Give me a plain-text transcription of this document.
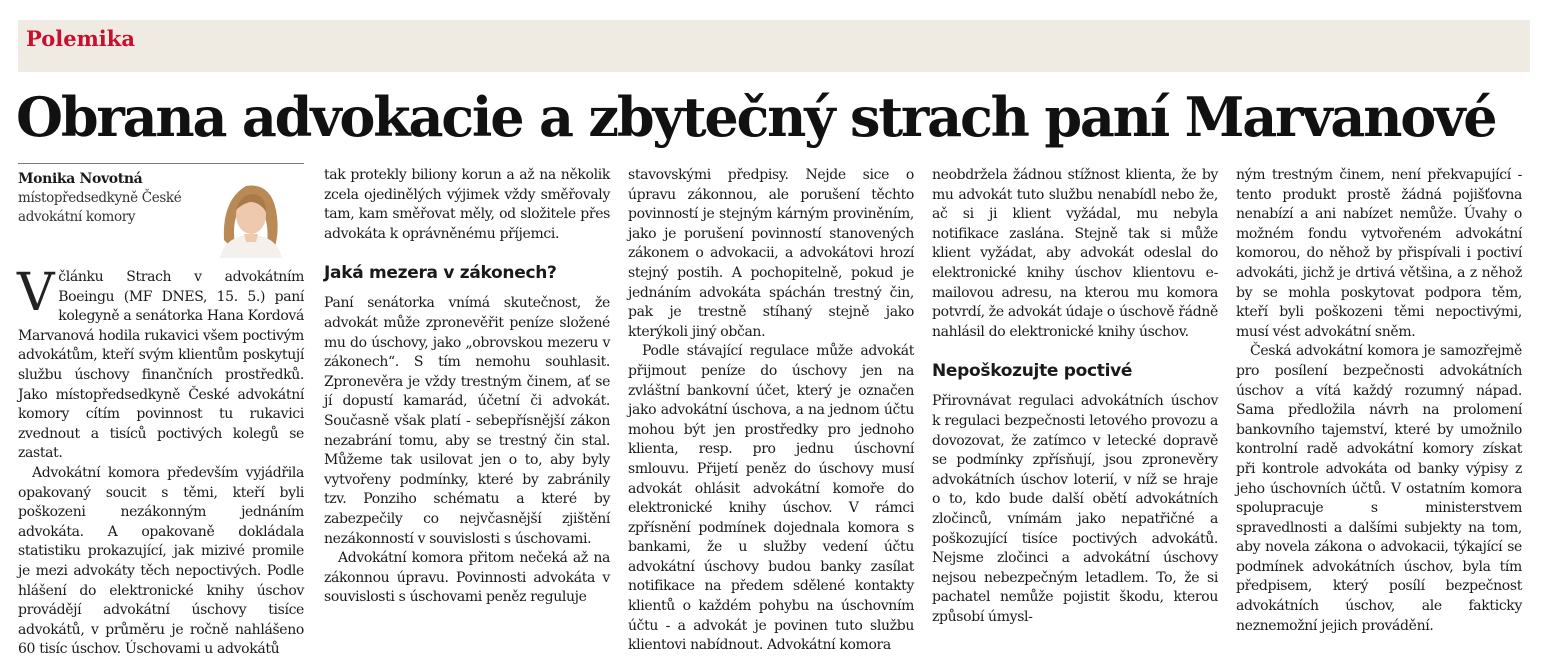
Polemika
Obrana advokacie a zbytečný strach paní Marvanové
Monika Novotná
místopředsedkyně České advokátní komory

Včlánku Strach v advokátním Boeingu (MF DNES, 15. 5.) paní kolegyně a senátorka Hana Kordová Marvanová hodila rukavici všem poctivým advokátům, kteří svým klientům poskytují službu úschovy finančních prostředků. Jako místopředsedkyně České advokátní komory cítím povinnost tu rukavici zvednout a tisíců poctivých kolegů se zastat.

Advokátní komora především vyjádřila opakovaný soucit s těmi, kteří byli poškozeni nezákonným jednáním advokáta. A opakovaně dokládala statistiku prokazující, jak mizivé promile je mezi advokáty těch nepoctivých. Podle hlášení do elektronické knihy úschov provádějí advokátní úschovy tisíce advokátů, v průměru je ročně nahlášeno 60 tisíc úschov. Úschovami u advokátů

tak protekly biliony korun a až na několik zcela ojedinělých výjimek vždy směřovaly tam, kam směřovat měly, od složitele přes advokáta k oprávněnému příjemci.

Jaká mezera v zákonech?

Paní senátorka vnímá skutečnost, že advokát může zpronevěřit peníze složené mu do úschovy, jako „obrovskou mezeru v zákonech“. S tím nemohu souhlasit. Zpronevěra je vždy trestným činem, ať se jí dopustí kamarád, účetní či advokát. Současně však platí - sebepřísnější zákon nezabrání tomu, aby se trestný čin stal. Můžeme tak usilovat jen o to, aby byly vytvořeny podmínky, které by zabránily tzv. Ponziho schématu a které by zabezpečily co nejvčasnější zjištění nezákonností v souvislosti s úschovami.

Advokátní komora přitom nečeká až na zákonnou úpravu. Povinnosti advokáta v souvislosti s úschovami peněz reguluje

stavovskými předpisy. Nejde sice o úpravu zákonnou, ale porušení těchto povinností je stejným kárným proviněním, jako je porušení povinností stanovených zákonem o advokacii, a advokátovi hrozí stejný postih. A pochopitelně, pokud je jednáním advokáta spáchán trestný čin, pak je trestně stíhaný stejně jako kterýkoli jiný občan.

Podle stávající regulace může advokát přijmout peníze do úschovy jen na zvláštní bankovní účet, který je označen jako advokátní úschova, a na jednom účtu mohou být jen prostředky pro jednoho klienta, resp. pro jednu úschovní smlouvu. Přijetí peněz do úschovy musí advokát ohlásit advokátní komoře do elektronické knihy úschov. V rámci zpřísnění podmínek dojednala komora s bankami, že u služby vedení účtu advokátní úschovy budou banky zasílat notifikace na předem sdělené kontakty klientů o každém pohybu na úschovním účtu - a advokát je povinen tuto službu klientovi nabídnout. Advokátní komora

neobdržela žádnou stížnost klienta, že by mu advokát tuto službu nenabídl nebo že, ač si ji klient vyžádal, mu nebyla notifikace zaslána. Stejně tak si může klient vyžádat, aby advokát odeslal do elektronické knihy úschov klientovu e-mailovou adresu, na kterou mu komora potvrdí, že advokát údaje o úschově řádně nahlásil do elektronické knihy úschov.

Nepoškozujte poctivé

Přirovnávat regulaci advokátních úschov k regulaci bezpečnosti letového provozu a dovozovat, že zatímco v letecké dopravě se podmínky zpřísňují, jsou zpronevěry advokátních úschov loterií, v níž se hraje o to, kdo bude další obětí advokátních zločinců, vnímám jako nepatřičné a poškozující tisíce poctivých advokátů. Nejsme zločinci a advokátní úschovy nejsou nebezpečným letadlem. To, že si pachatel nemůže pojistit škodu, kterou způsobí úmysl-

ným trestným činem, není překvapující - tento produkt prostě žádná pojišťovna nenabízí a ani nabízet nemůže. Úvahy o možném fondu vytvořeném advokátní komorou, do něhož by přispívali i poctiví advokáti, jichž je drtivá většina, a z něhož by se mohla poskytovat podpora těm, kteří byli poškozeni těmi nepoctivými, musí vést advokátní sněm.

Česká advokátní komora je samozřejmě pro posílení bezpečnosti advokátních úschov a vítá každý rozumný nápad. Sama předložila návrh na prolomení bankovního tajemství, které by umožnilo kontrolní radě advokátní komory získat při kontrole advokáta od banky výpisy z jeho úschovních účtů. V ostatním komora spolupracuje s ministerstvem spravedlnosti a dalšími subjekty na tom, aby novela zákona o advokacii, týkající se podmínek advokátních úschov, byla tím předpisem, který posílí bezpečnost advokátních úschov, ale fakticky neznemožní jejich provádění.
